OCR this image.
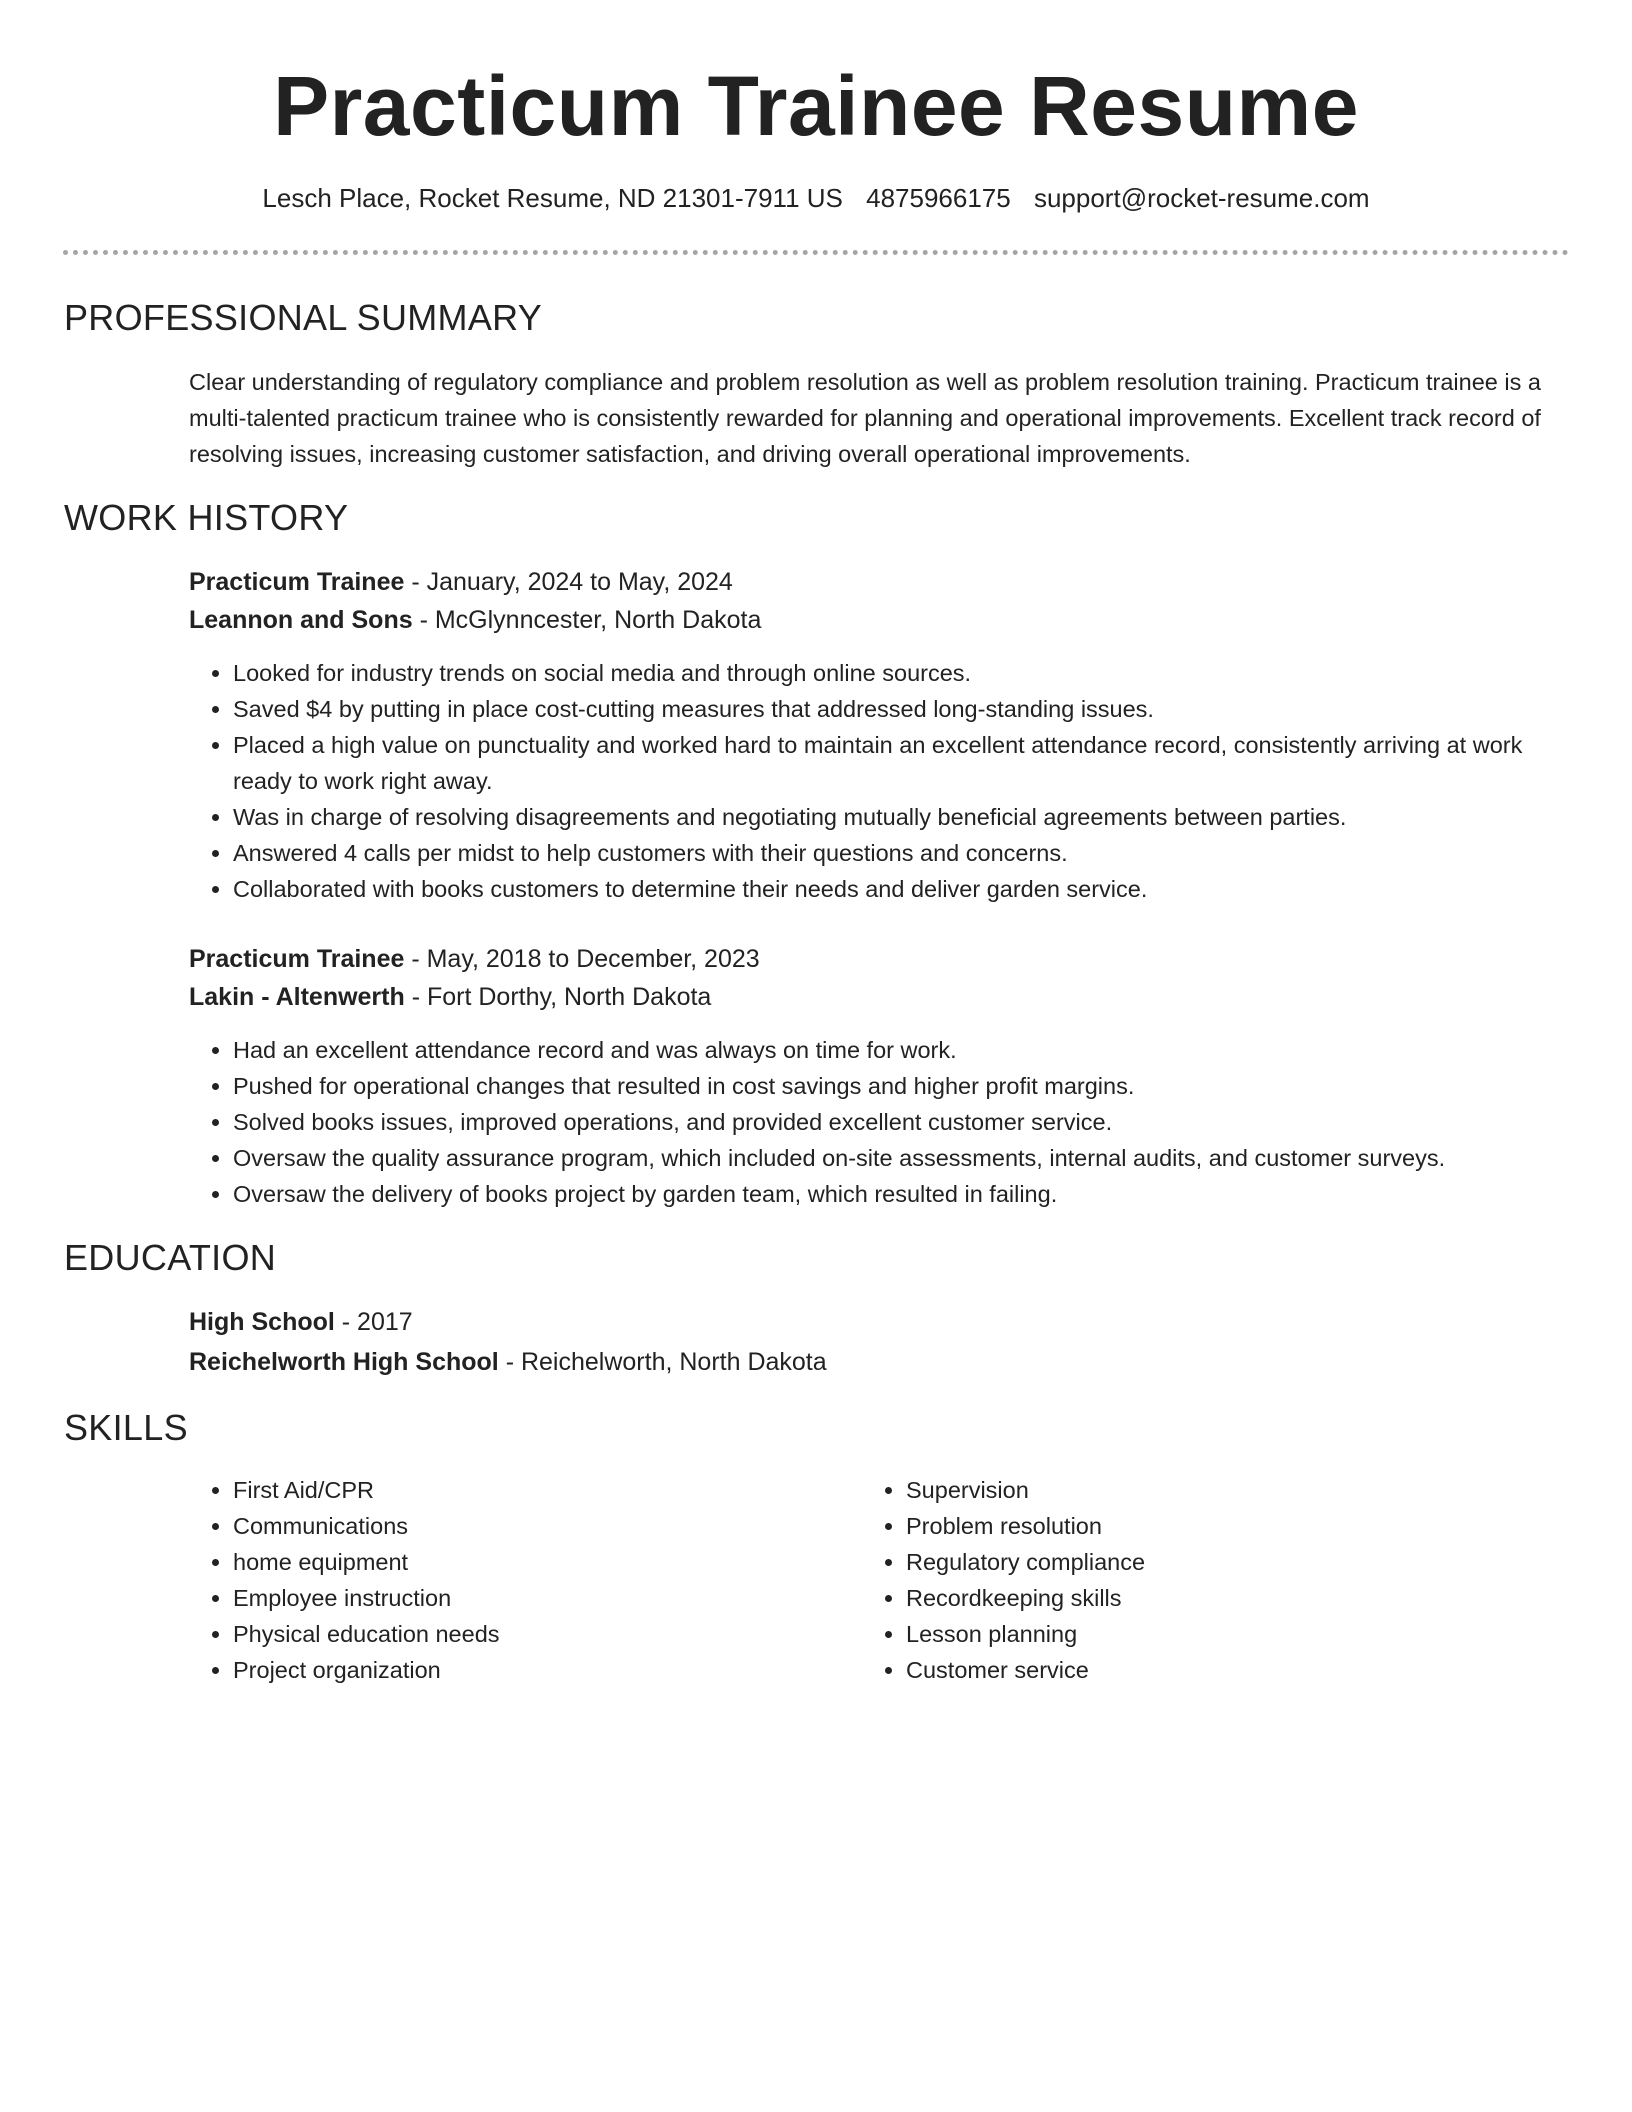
Practicum Trainee Resume
Lesch Place, Rocket Resume, ND 21301-7911 US 4875966175 support@rocket-resume.com
PROFESSIONAL SUMMARY

Clear understanding of regulatory compliance and problem resolution as well as problem resolution training. Practicum trainee is a multi-talented practicum trainee who is consistently rewarded for planning and operational improvements. Excellent track record of resolving issues, increasing customer satisfaction, and driving overall operational improvements.

WORK HISTORY

Practicum Trainee - January, 2024 to May, 2024

Leannon and Sons - McGlynncester, North Dakota

• Looked for industry trends on social media and through online sources.
• Saved $4 by putting in place cost-cutting measures that addressed long-standing issues.
• Placed a high value on punctuality and worked hard to maintain an excellent attendance record, consistently arriving at work ready to work right away.
• Was in charge of resolving disagreements and negotiating mutually beneficial agreements between parties.
• Answered 4 calls per midst to help customers with their questions and concerns.
• Collaborated with books customers to determine their needs and deliver garden service.

Practicum Trainee - May, 2018 to December, 2023

Lakin - Altenwerth - Fort Dorthy, North Dakota

• Had an excellent attendance record and was always on time for work.
• Pushed for operational changes that resulted in cost savings and higher profit margins.
• Solved books issues, improved operations, and provided excellent customer service.
• Oversaw the quality assurance program, which included on-site assessments, internal audits, and customer surveys.
• Oversaw the delivery of books project by garden team, which resulted in failing.
EDUCATION

High School - 2017

Reichelworth High School - Reichelworth, North Dakota

SKILLS
• First Aid/CPR
• Communications
• home equipment
• Employee instruction
• Physical education needs
• Project organization
• Supervision
• Problem resolution
• Regulatory compliance
• Recordkeeping skills
• Lesson planning
• Customer service
